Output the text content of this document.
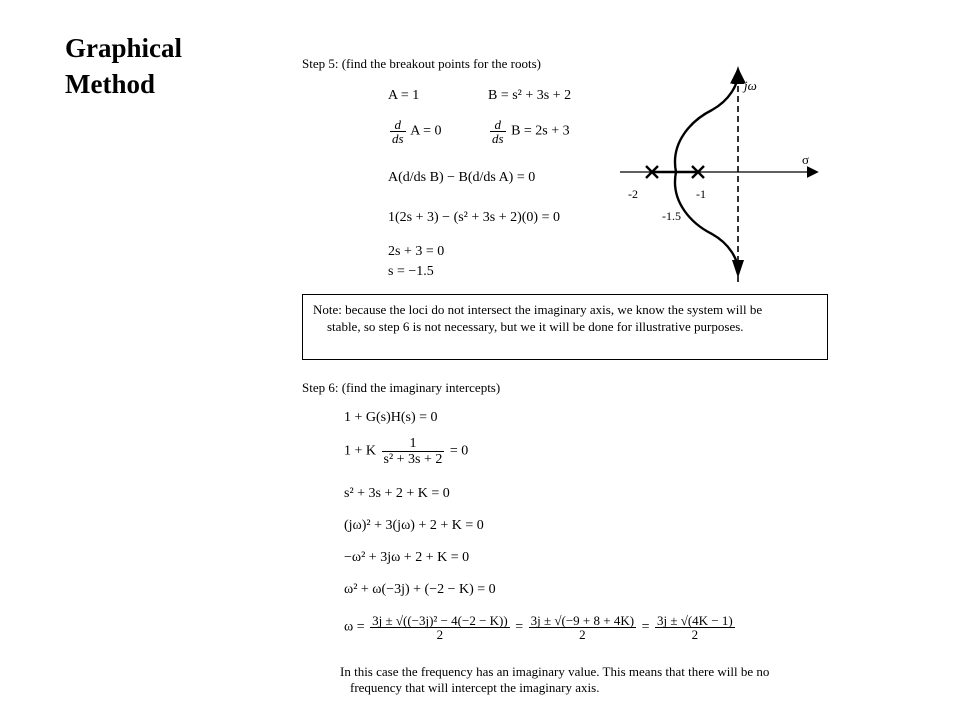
Graphical
Method
Step 5: (find the breakout points for the roots)
A = 1	B = s² + 3s + 2
$\frac{d}{ds}$ A = 0	$\frac{d}{ds}$ B = 2s + 3
A(d/ds B) − B(d/ds A) = 0
1(2s + 3) − (s² + 3s + 2)(0) = 0
2s + 3 = 0
s = −1.5
jω
σ
-2	-1
-1.5
Note: because the loci do not intersect the imaginary axis, we know the system will be
stable, so step 6 is not necessary, but we it will be done for illustrative purposes.
Step 6: (find the imaginary intercepts)
1 + G(s)H(s) = 0
1 + K $\frac{1}{\text{s² + 3s + 2}} = 0$
s² + 3s + 2 + K = 0
(jω)² + 3(jω) + 2 + K = 0
−ω² + 3jω + 2 + K = 0
ω² + ω(−3j) + (−2 − K) = 0
$\omega = \frac{\text{3j ± √((−3j)² − 4(−2 − K))}}{2} = \frac{3j \pm √(-9 + 8 + 4K)}{2} = \frac{3j \pm √(4K - 1)}{2}$
In this case the frequency has an imaginary value. This means that there will be no
frequency that will intercept the imaginary axis.
